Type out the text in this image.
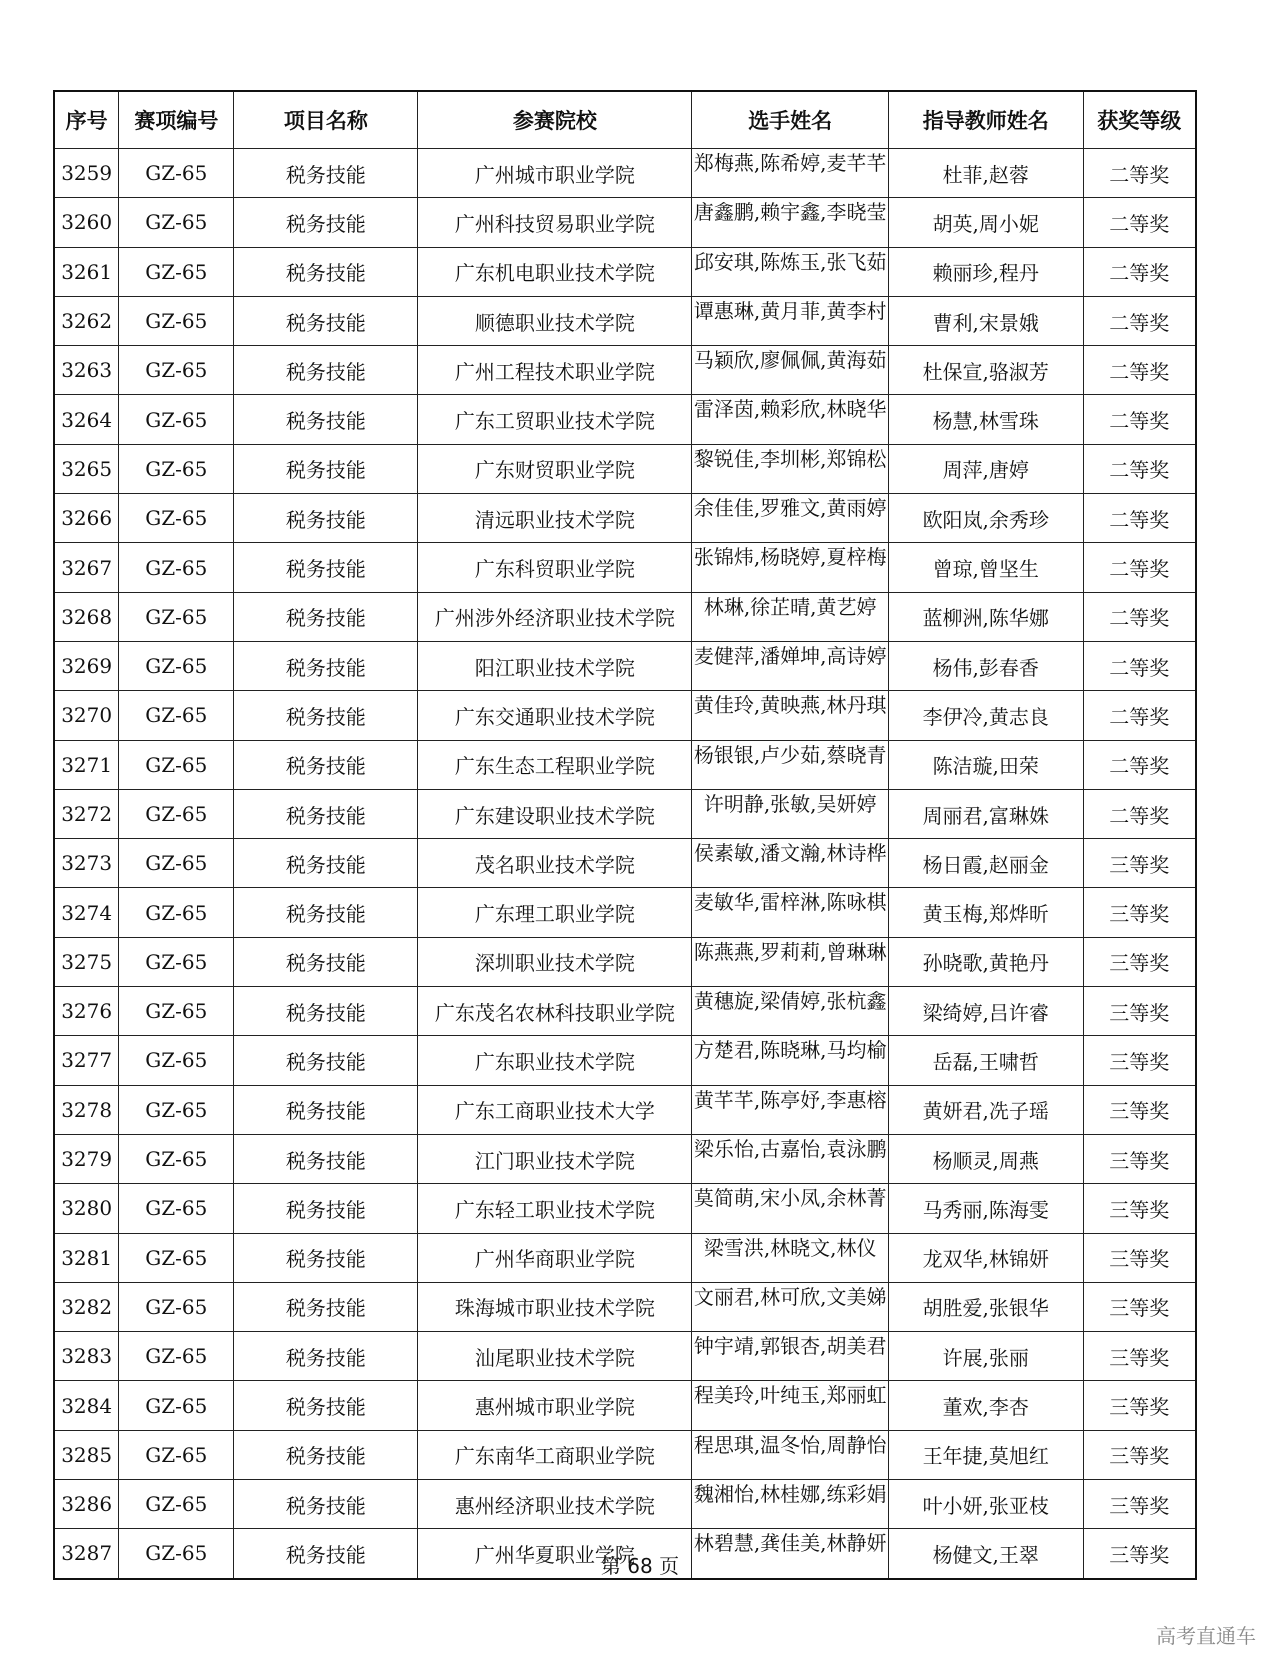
序号	赛项编号	项目名称	参赛院校	选手姓名	指导教师姓名	获奖等级
3259	GZ-65	税务技能	广州城市职业学院	郑梅燕,陈希婷,麦芊芊	杜菲,赵蓉	二等奖
3260	GZ-65	税务技能	广州科技贸易职业学院	唐鑫鹏,赖宇鑫,李晓莹	胡英,周小妮	二等奖
3261	GZ-65	税务技能	广东机电职业技术学院	邱安琪,陈炼玉,张飞茹	赖丽珍,程丹	二等奖
3262	GZ-65	税务技能	顺德职业技术学院	谭惠琳,黄月菲,黄李村	曹利,宋景娥	二等奖
3263	GZ-65	税务技能	广州工程技术职业学院	马颖欣,廖佩佩,黄海茹	杜保宣,骆淑芳	二等奖
3264	GZ-65	税务技能	广东工贸职业技术学院	雷泽茵,赖彩欣,林晓华	杨慧,林雪珠	二等奖
3265	GZ-65	税务技能	广东财贸职业学院	黎锐佳,李圳彬,郑锦松	周萍,唐婷	二等奖
3266	GZ-65	税务技能	清远职业技术学院	余佳佳,罗雅文,黄雨婷	欧阳岚,余秀珍	二等奖
3267	GZ-65	税务技能	广东科贸职业学院	张锦炜,杨晓婷,夏梓梅	曾琼,曾坚生	二等奖
3268	GZ-65	税务技能	广州涉外经济职业技术学院	林琳,徐芷晴,黄艺婷	蓝柳洲,陈华娜	二等奖
3269	GZ-65	税务技能	阳江职业技术学院	麦健萍,潘婵坤,高诗婷	杨伟,彭春香	二等奖
3270	GZ-65	税务技能	广东交通职业技术学院	黄佳玲,黄映燕,林丹琪	李伊冷,黄志良	二等奖
3271	GZ-65	税务技能	广东生态工程职业学院	杨银银,卢少茹,蔡晓青	陈洁璇,田荣	二等奖
3272	GZ-65	税务技能	广东建设职业技术学院	许明静,张敏,吴妍婷	周丽君,富琳姝	二等奖
3273	GZ-65	税务技能	茂名职业技术学院	侯素敏,潘文瀚,林诗桦	杨日霞,赵丽金	三等奖
3274	GZ-65	税务技能	广东理工职业学院	麦敏华,雷梓淋,陈咏棋	黄玉梅,郑烨昕	三等奖
3275	GZ-65	税务技能	深圳职业技术学院	陈燕燕,罗莉莉,曾琳琳	孙晓歌,黄艳丹	三等奖
3276	GZ-65	税务技能	广东茂名农林科技职业学院	黄穗旋,梁倩婷,张杭鑫	梁绮婷,吕许睿	三等奖
3277	GZ-65	税务技能	广东职业技术学院	方楚君,陈晓琳,马均榆	岳磊,王啸哲	三等奖
3278	GZ-65	税务技能	广东工商职业技术大学	黄芊芊,陈亭妤,李惠榕	黄妍君,冼子瑶	三等奖
3279	GZ-65	税务技能	江门职业技术学院	梁乐怡,古嘉怡,袁泳鹏	杨顺灵,周燕	三等奖
3280	GZ-65	税务技能	广东轻工职业技术学院	莫简萌,宋小凤,余林菁	马秀丽,陈海雯	三等奖
3281	GZ-65	税务技能	广州华商职业学院	梁雪洪,林晓文,林仪	龙双华,林锦妍	三等奖
3282	GZ-65	税务技能	珠海城市职业技术学院	文丽君,林可欣,文美娣	胡胜爱,张银华	三等奖
3283	GZ-65	税务技能	汕尾职业技术学院	钟宇靖,郭银杏,胡美君	许展,张丽	三等奖
3284	GZ-65	税务技能	惠州城市职业学院	程美玲,叶纯玉,郑丽虹	董欢,李杏	三等奖
3285	GZ-65	税务技能	广东南华工商职业学院	程思琪,温冬怡,周静怡	王年捷,莫旭红	三等奖
3286	GZ-65	税务技能	惠州经济职业技术学院	魏湘怡,林桂娜,练彩娟	叶小妍,张亚枝	三等奖
3287	GZ-65	税务技能	广州华夏职业学院	林碧慧,龚佳美,林静妍	杨健文,王翠	三等奖
第 68 页
高考直通车
